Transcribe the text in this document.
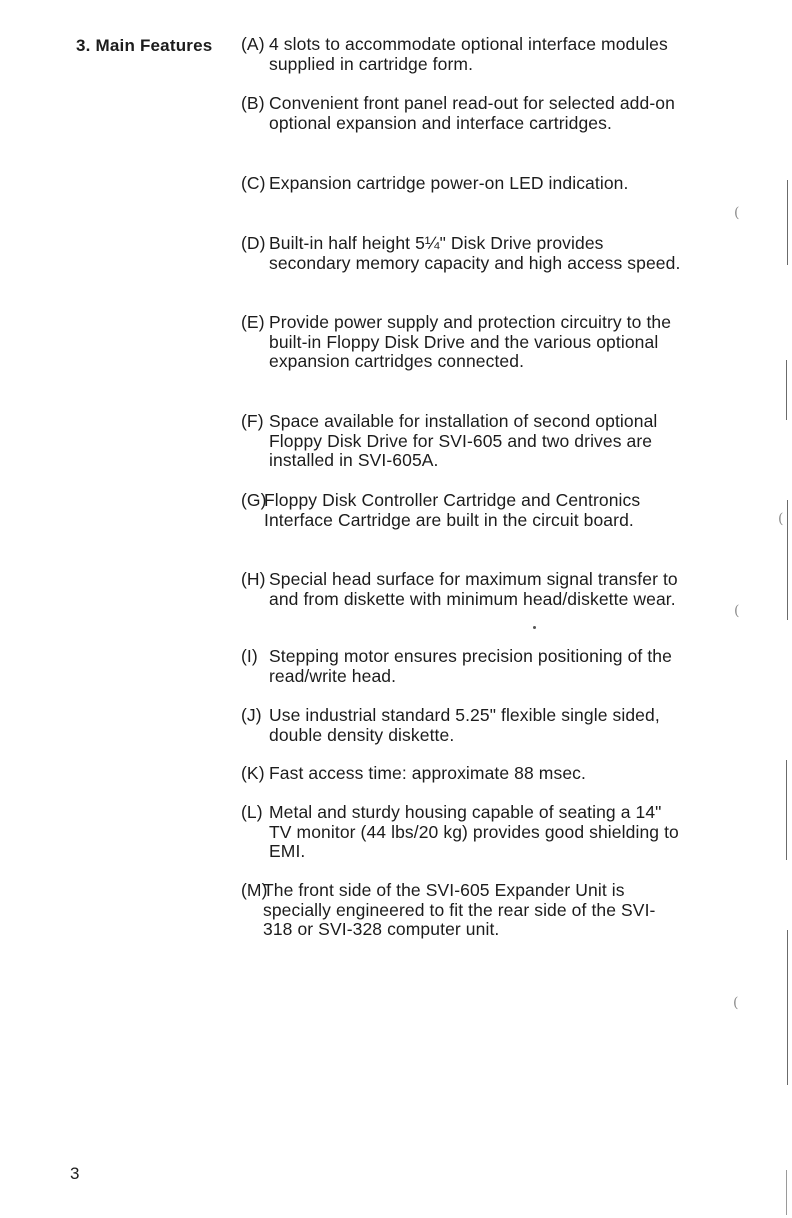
3. Main Features (A) 4 slots to accommodate optional interface modules supplied in cartridge form.
(B) Convenient front panel read-out for selected add-on optional expansion and interface cartridges.
(C) Expansion cartridge power-on LED indication.
(D) Built-in half height 5¼" Disk Drive provides secondary memory capacity and high access speed.
(E) Provide power supply and protection circuitry to the built-in Floppy Disk Drive and the various optional expansion cartridges connected.
(F) Space available for installation of second optional Floppy Disk Drive for SVI-605 and two drives are installed in SVI-605A.
(G)
Floppy Disk Controller Cartridge and Centronics Interface Cartridge are built in the circuit board.
(H) Special head surface for maximum signal transfer to and from diskette with minimum head/diskette wear.
(I) Stepping motor ensures precision positioning of the read/write head.
(J) Use industrial standard 5.25" flexible single sided, double density diskette.
(K) Fast access time: approximate 88 msec.
(L) Metal and sturdy housing capable of seating a 14" TV monitor (44 lbs/20 kg) provides good shielding to EMI.
(M)
The front side of the SVI-605 Expander Unit is specially engineered to fit the rear side of the SVI-318 or SVI-328 computer unit.
3
(
(
(
(
